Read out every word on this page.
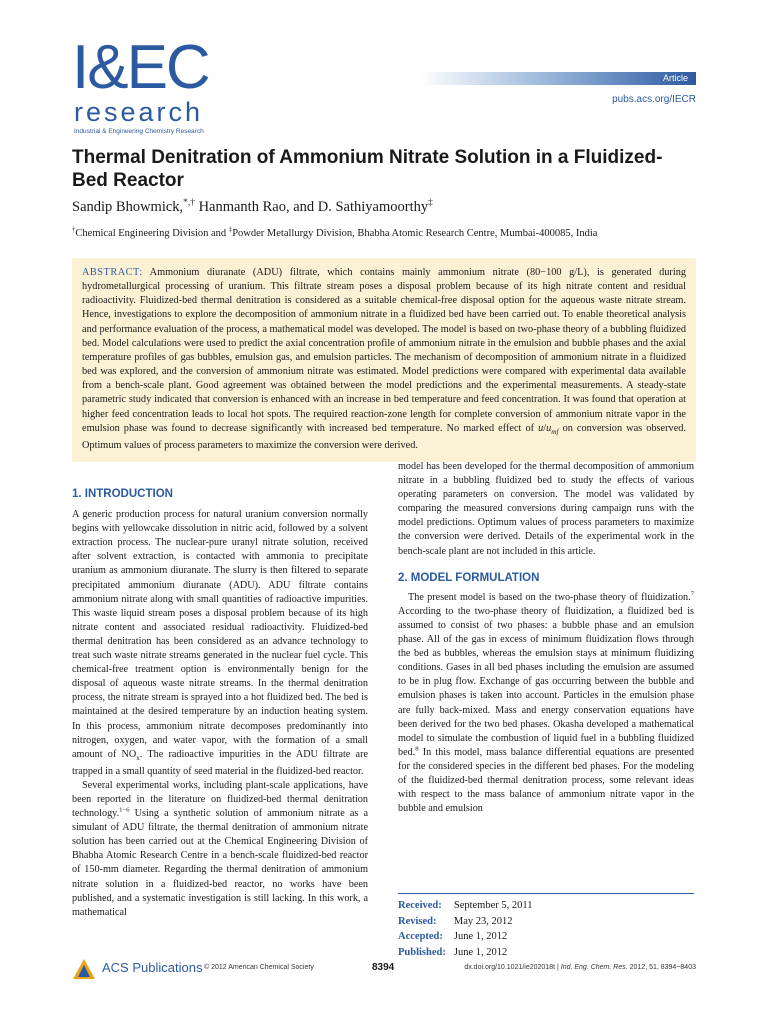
I&EC
research
Industrial & Engineering Chemistry Research
Article
pubs.acs.org/IECR
Thermal Denitration of Ammonium Nitrate Solution in a Fluidized-Bed Reactor
Sandip Bhowmick,*,† Hanmanth Rao, and D. Sathiyamoorthy‡
†Chemical Engineering Division and ‡Powder Metallurgy Division, Bhabha Atomic Research Centre, Mumbai-400085, India
ABSTRACT: Ammonium diuranate (ADU) filtrate, which contains mainly ammonium nitrate (80−100 g/L), is generated during hydrometallurgical processing of uranium. This filtrate stream poses a disposal problem because of its high nitrate content and residual radioactivity. Fluidized-bed thermal denitration is considered as a suitable chemical-free disposal option for the aqueous waste nitrate stream. Hence, investigations to explore the decomposition of ammonium nitrate in a fluidized bed have been carried out. To enable theoretical analysis and performance evaluation of the process, a mathematical model was developed. The model is based on two-phase theory of a bubbling fluidized bed. Model calculations were used to predict the axial concentration profile of ammonium nitrate in the emulsion and bubble phases and the axial temperature profiles of gas bubbles, emulsion gas, and emulsion particles. The mechanism of decomposition of ammonium nitrate in a fluidized bed was explored, and the conversion of ammonium nitrate was estimated. Model predictions were compared with experimental data available from a bench-scale plant. Good agreement was obtained between the model predictions and the experimental measurements. A steady-state parametric study indicated that conversion is enhanced with an increase in bed temperature and feed concentration. It was found that operation at higher feed concentration leads to local hot spots. The required reaction-zone length for complete conversion of ammonium nitrate vapor in the emulsion phase was found to decrease significantly with increased bed temperature. No marked effect of $u/u_{mf}$ on conversion was observed. Optimum values of process parameters to maximize the conversion were derived.
1. INTRODUCTION

A generic production process for natural uranium conversion normally begins with yellowcake dissolution in nitric acid, followed by a solvent extraction process. The nuclear-pure uranyl nitrate solution, received after solvent extraction, is contacted with ammonia to precipitate uranium as ammonium diuranate. The slurry is then filtered to separate precipitated ammonium diuranate (ADU). ADU filtrate contains ammonium nitrate along with small quantities of radioactive impurities. This waste liquid stream poses a disposal problem because of its high nitrate content and associated residual radioactivity. Fluidized-bed thermal denitration has been considered as an advance technology to treat such waste nitrate streams generated in the nuclear fuel cycle. This chemical-free treatment option is environmentally benign for the disposal of aqueous waste nitrate streams. In the thermal denitration process, the nitrate stream is sprayed into a hot fluidized bed. The bed is maintained at the desired temperature by an induction heating system. In this process, ammonium nitrate decomposes predominantly into nitrogen, oxygen, and water vapor, with the formation of a small amount of $NO_x$. The radioactive impurities in the ADU filtrate are trapped in a small quantity of seed material in the fluidized-bed reactor.

Several experimental works, including plant-scale applications, have been reported in the literature on fluidized-bed thermal denitration technology.$^{1-6}$ Using a synthetic solution of ammonium nitrate as a simulant of ADU filtrate, the thermal denitration of ammonium nitrate solution has been carried out at the Chemical Engineering Division of Bhabha Atomic Research Centre in a bench-scale fluidized-bed reactor of 150-mm diameter. Regarding the thermal denitration of ammonium nitrate solution in a fluidized-bed reactor, no works have been published, and a systematic investigation is still lacking. In this work, a mathematical

model has been developed for the thermal decomposition of ammonium nitrate in a bubbling fluidized bed to study the effects of various operating parameters on conversion. The model was validated by comparing the measured conversions during campaign runs with the model predictions. Optimum values of process parameters to maximize the conversion were derived. Details of the experimental work in the bench-scale plant are not included in this article.

2. MODEL FORMULATION

The present model is based on the two-phase theory of fluidization.$^7$ According to the two-phase theory of fluidization, a fluidized bed is assumed to consist of two phases: a bubble phase and an emulsion phase. All of the gas in excess of minimum fluidization flows through the bed as bubbles, whereas the emulsion stays at minimum fluidizing conditions. Gases in all bed phases including the emulsion are assumed to be in plug flow. Exchange of gas occurring between the bubble and emulsion phases is taken into account. Particles in the emulsion phase are fully back-mixed. Mass and energy conservation equations have been derived for the two bed phases. Okasha developed a mathematical model to simulate the combustion of liquid fuel in a bubbling fluidized bed.$^8$ In this model, mass balance differential equations are presented for the considered species in the different bed phases. For the modeling of the fluidized-bed thermal denitration process, some relevant ideas with respect to the mass balance of ammonium nitrate vapor in the bubble and emulsion

Received:	September 5, 2011
Revised:	May 23, 2012
Accepted:	June 1, 2012
Published:	June 1, 2012
ACS Publications © 2012 American Chemical Society	8394	dx.doi.org/10.1021/ie202018t | Ind. Eng. Chem. Res. 2012, 51, 8394−8403
